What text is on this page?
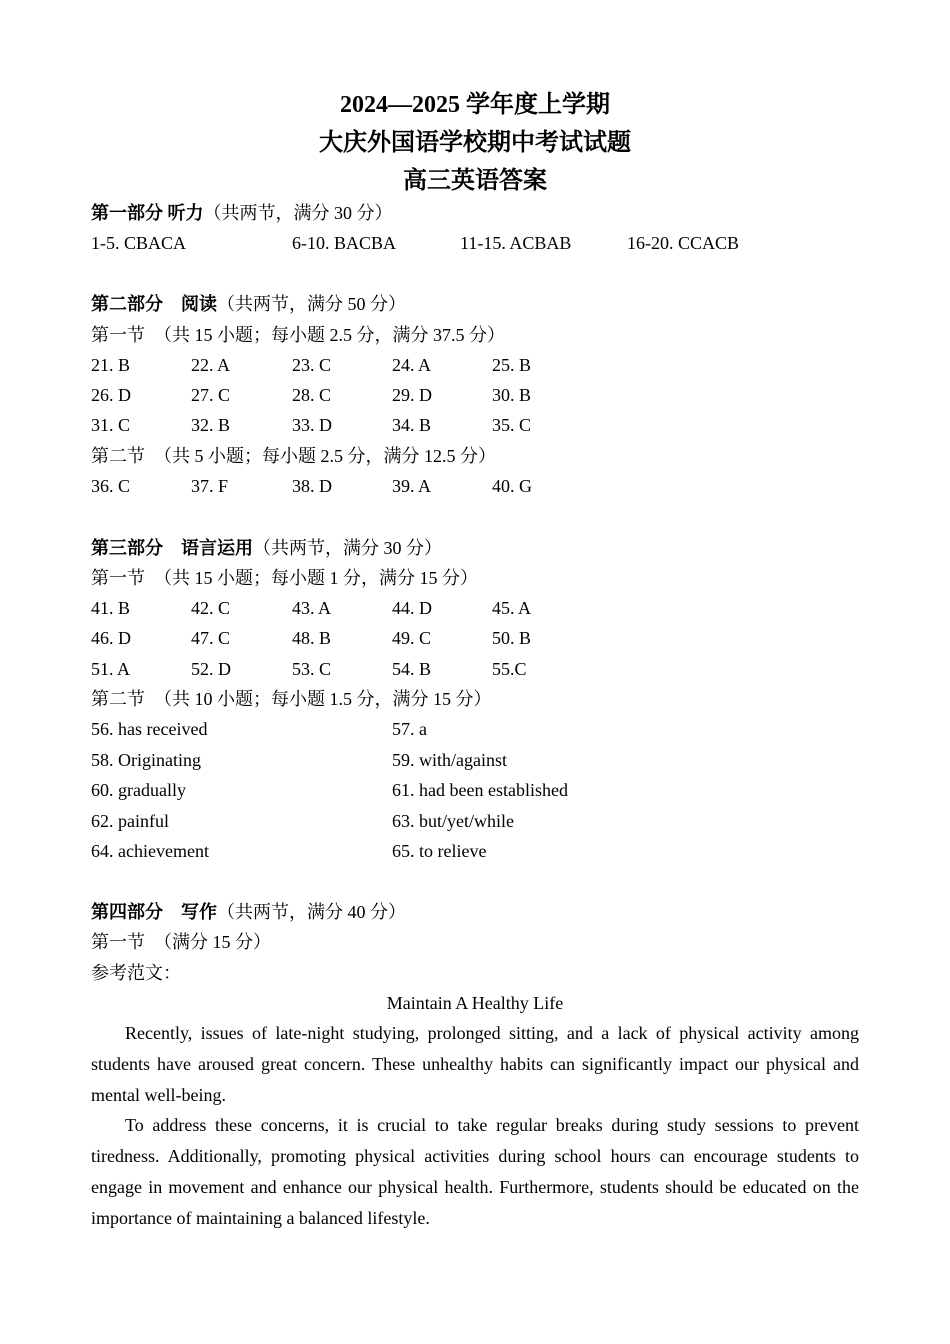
2024—2025 学年度上学期
大庆外国语学校期中考试试题
高三英语答案
第一部分 听力（共两节，满分 30 分）
1-5. CBACA	6-10. BACBA	11-15. ACBAB	16-20. CCACB
第二部分　阅读（共两节，满分 50 分）
第一节　（共 15 小题；每小题 2.5 分，满分 37.5 分）
21. B	22. A	23. C	24. A	25. B
26. D	27. C	28. C	29. D	30. B
31. C	32. B	33. D	34. B	35. C
第二节　（共 5 小题；每小题 2.5 分，满分 12.5 分）
36. C	37. F	38. D	39. A	40. G
第三部分　语言运用（共两节，满分 30 分）
第一节　（共 15 小题；每小题 1 分，满分 15 分）
41. B	42. C	43. A	44. D	45. A
46. D	47. C	48. B	49. C	50. B
51. A	52. D	53. C	54. B	55.C
第二节　（共 10 小题；每小题 1.5 分，满分 15 分）
56. has received	57. a
58. Originating	59. with/against
60. gradually	61. had been established
62. painful	63. but/yet/while
64. achievement	65. to relieve
第四部分　写作（共两节，满分 40 分）
第一节　（满分 15 分）
参考范文：
Maintain A Healthy Life
Recently, issues of late-night studying, prolonged sitting, and a lack of physical activity among students have aroused great concern. These unhealthy habits can significantly impact our physical and mental well-being.
To address these concerns, it is crucial to take regular breaks during study sessions to prevent tiredness. Additionally, promoting physical activities during school hours can encourage students to engage in movement and enhance our physical health. Furthermore, students should be educated on the importance of maintaining a balanced lifestyle.
